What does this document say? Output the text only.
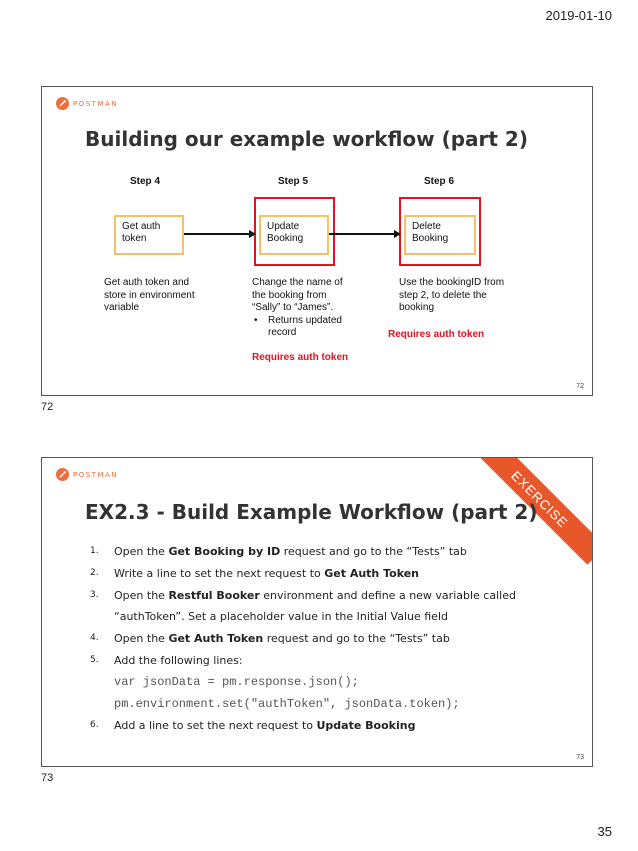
2019-01-10
POSTMAN
Building our example workflow (part 2)
Step 4	Step 5	Step 6
Get auth
token
Update
Booking
Delete
Booking
Get auth token and
store in environment
variable
Change the name of
the booking from
“Sally” to “James”.
• Returns updated
record
Use the bookingID from
step 2, to delete the
booking
Requires auth token
Requires auth token
72
72
POSTMAN	EXERCISE
EX2.3 - Build Example Workflow (part 2)
1. Open the Get Booking by ID request and go to the “Tests” tab
2. Write a line to set the next request to Get Auth Token
3. Open the Restful Booker environment and define a new variable called
“authToken”. Set a placeholder value in the Initial Value field
4. Open the Get Auth Token request and go to the “Tests” tab
5. Add the following lines:
var jsonData = pm.response.json();
pm.environment.set("authToken", jsonData.token);
6. Add a line to set the next request to Update Booking
73
73
35
